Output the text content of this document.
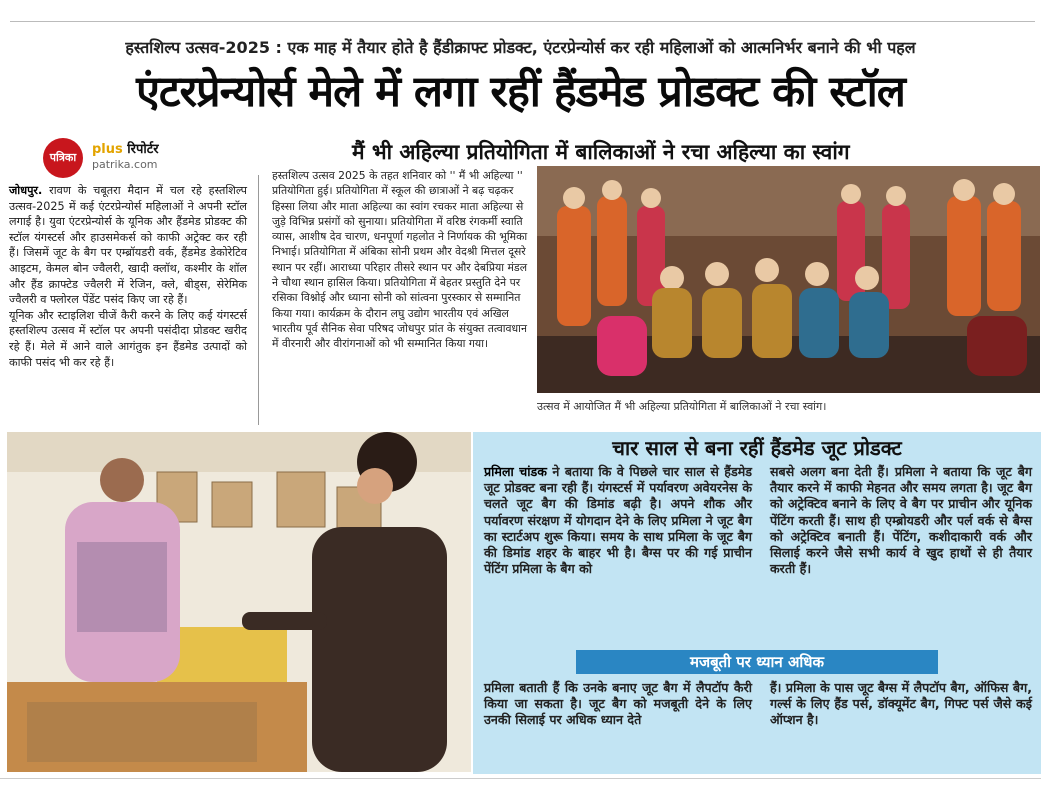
हस्तशिल्प उत्सव-2025 : एक माह में तैयार होते है हैंडीक्राफ्ट प्रोडक्ट, एंटरप्रेन्योर्स कर रही महिलाओं को आत्मनिर्भर बनाने की भी पहल
एंटरप्रेन्योर्स मेले में लगा रहीं हैंडमेड प्रोडक्ट की स्टॉल
पत्रिका
plus रिपोर्टर
patrika.com
मैं भी अहिल्या प्रतियोगिता में बालिकाओं ने रचा अहिल्या का स्वांग
जोधपुर. रावण के चबूतरा मैदान में चल रहे हस्तशिल्प उत्सव-2025 में कई एंटरप्रेन्योर्स महिलाओं ने अपनी स्टॉल लगाई है। युवा एंटरप्रेन्योर्स के यूनिक और हैंडमेड प्रोडक्ट की स्टॉल यंगस्टर्स और हाउसमेकर्स को काफी अट्रेक्ट कर रही हैं। जिसमें जूट के बैग पर एम्ब्रॉयडरी वर्क, हैंडमेड डेकोरेटिव आइटम, केमल बोन ज्वैलरी, खादी क्लॉथ, कश्मीर के शॉल और हैंड क्राफ्टेड ज्वैलरी में रेजिन, क्ले, बीड्स, सेरेमिक ज्वैलरी व फ्लोरल पेंडेंट पसंद किए जा रहे हैं।
यूनिक और स्टाइलिश चीजें कैरी करने के लिए कई यंगस्टर्स हस्तशिल्प उत्सव में स्टॉल पर अपनी पसंदीदा प्रोडक्ट खरीद रहे हैं। मेले में आने वाले आगंतुक इन हैंडमेड उत्पादों को काफी पसंद भी कर रहे हैं।
हस्तशिल्प उत्सव 2025 के तहत शनिवार को '' मैं भी अहिल्या '' प्रतियोगिता हुई। प्रतियोगिता में स्कूल की छात्राओं ने बढ़ चढ़कर हिस्सा लिया और माता अहिल्या का स्वांग रचकर माता अहिल्या से जुड़े विभिन्न प्रसंगों को सुनाया। प्रतियोगिता में वरिष्ठ रंगकर्मी स्वाति व्यास, आशीष देव चारण, धनपूर्णा गहलोत ने निर्णायक की भूमिका निभाई। प्रतियोगिता में अंबिका सोनी प्रथम और वेदश्री मित्तल दूसरे स्थान पर रहीं। आराध्या परिहार तीसरे स्थान पर और देबप्रिया मंडल ने चौथा स्थान हासिल किया। प्रतियोगिता में बेहतर प्रस्तुति देने पर रसिका विश्नोई और ध्याना सोनी को सांत्वना पुरस्कार से सम्मानित किया गया। कार्यक्रम के दौरान लघु उद्योग भारतीय एवं अखिल भारतीय पूर्व सैनिक सेवा परिषद जोधपुर प्रांत के संयुक्त तत्वावधान में वीरनारी और वीरांगनाओं को भी सम्मानित किया गया।
उत्सव में आयोजित मैं भी अहिल्या प्रतियोगिता में बालिकाओं ने रचा स्वांग।
चार साल से बना रहीं हैंडमेड जूट प्रोडक्ट
प्रमिला चांडक ने बताया कि वे पिछले चार साल से हैंडमेड जूट प्रोडक्ट बना रही हैं। यंगस्टर्स में पर्यावरण अवेयरनेस के चलते जूट बैग की डिमांड बढ़ी है। अपने शौक और पर्यावरण संरक्षण में योगदान देने के लिए प्रमिला ने जूट बैग का स्टार्टअप शुरू किया। समय के साथ प्रमिला के जूट बैग की डिमांड शहर के बाहर भी है। बैग्स पर की गई प्राचीन पेंटिंग प्रमिला के बैग को
सबसे अलग बना देती हैं। प्रमिला ने बताया कि जूट बैग तैयार करने में काफी मेहनत और समय लगता है। जूट बैग को अट्रेक्टिव बनाने के लिए वे बैग पर प्राचीन और यूनिक पेंटिंग करती हैं। साथ ही एम्ब्रोयडरी और पर्ल वर्क से बैग्स को अट्रेक्टिव बनाती हैं। पेंटिंग, कशीदाकारी वर्क और सिलाई करने जैसे सभी कार्य वे खुद हाथों से ही तैयार करती हैं।
मजबूती पर ध्यान अधिक
प्रमिला बताती हैं कि उनके बनाए जूट बैग में लैपटॉप कैरी किया जा सकता है। जूट बैग को मजबूती देने के लिए उनकी सिलाई पर अधिक ध्यान देते
हैं। प्रमिला के पास जूट बैग्स में लैपटॉप बैग, ऑफिस बैग, गर्ल्स के लिए हैंड पर्स, डॉक्यूमेंट बैग, गिफ्ट पर्स जैसे कई ऑप्शन है।
